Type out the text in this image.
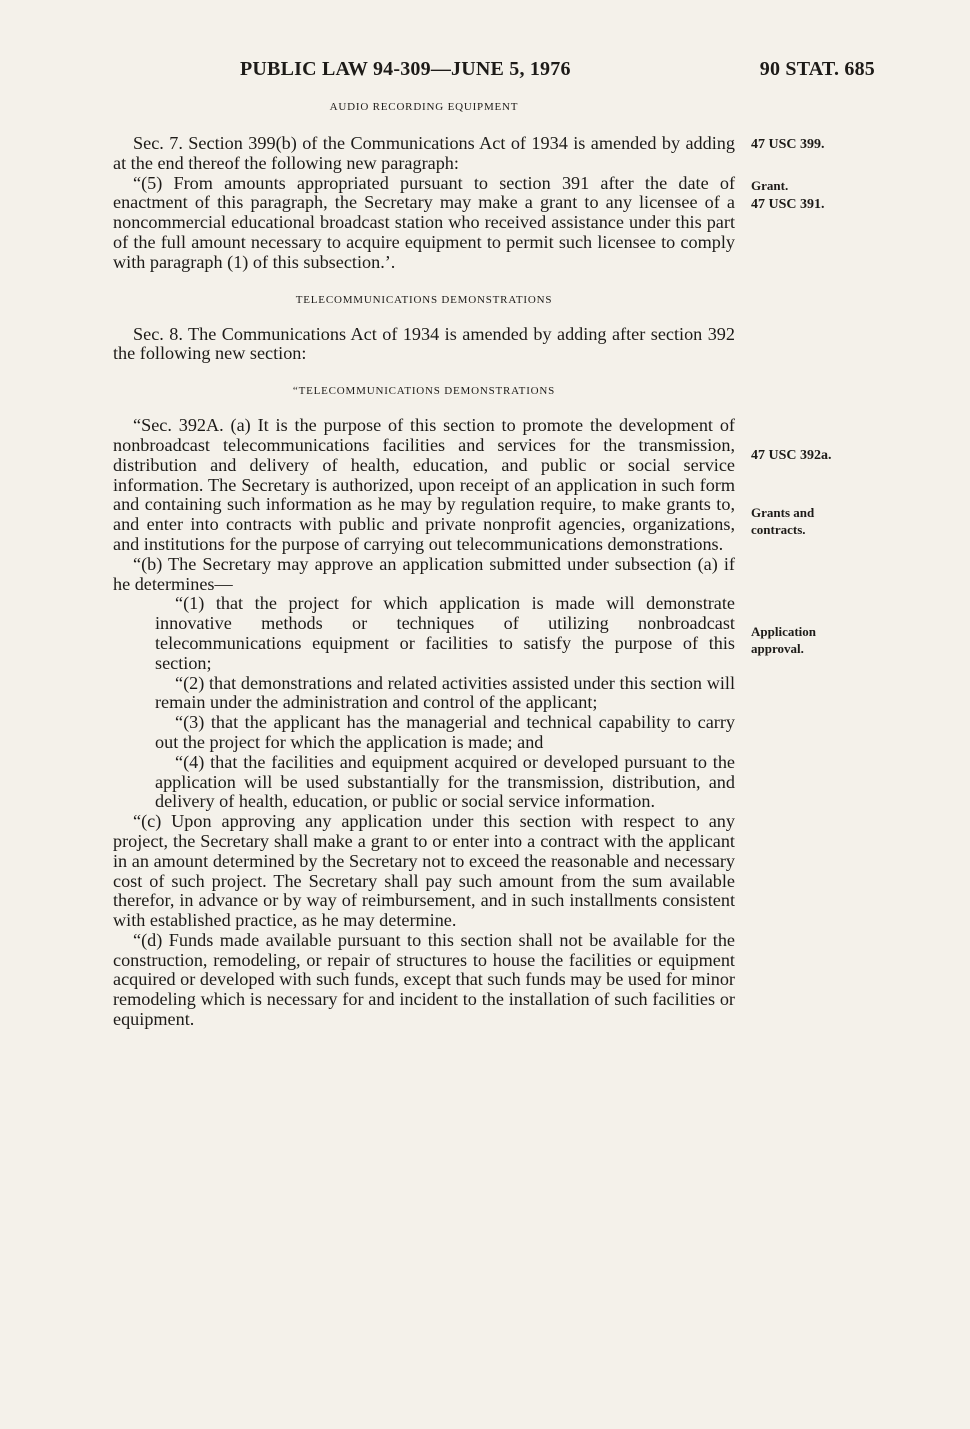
PUBLIC LAW 94-309—JUNE 5, 1976	90 STAT. 685

AUDIO RECORDING EQUIPMENT

Sec. 7. Section 399(b) of the Communications Act of 1934 is amended by adding at the end thereof the following new paragraph:

“(5) From amounts appropriated pursuant to section 391 after the date of enactment of this paragraph, the Secretary may make a grant to any licensee of a noncommercial educational broadcast station who received assistance under this part of the full amount necessary to acquire equipment to permit such licensee to comply with paragraph (1) of this subsection.’.

TELECOMMUNICATIONS DEMONSTRATIONS

Sec. 8. The Communications Act of 1934 is amended by adding after section 392 the following new section:

“TELECOMMUNICATIONS DEMONSTRATIONS

“Sec. 392A. (a) It is the purpose of this section to promote the development of nonbroadcast telecommunications facilities and services for the transmission, distribution and delivery of health, education, and public or social service information. The Secretary is authorized, upon receipt of an application in such form and containing such information as he may by regulation require, to make grants to, and enter into contracts with public and private nonprofit agencies, organizations, and institutions for the purpose of carrying out telecommunications demonstrations.

“(b) The Secretary may approve an application submitted under subsection (a) if he determines—

“(1) that the project for which application is made will demonstrate innovative methods or techniques of utilizing nonbroadcast telecommunications equipment or facilities to satisfy the purpose of this section;

“(2) that demonstrations and related activities assisted under this section will remain under the administration and control of the applicant;

“(3) that the applicant has the managerial and technical capability to carry out the project for which the application is made; and

“(4) that the facilities and equipment acquired or developed pursuant to the application will be used substantially for the transmission, distribution, and delivery of health, education, or public or social service information.

“(c) Upon approving any application under this section with respect to any project, the Secretary shall make a grant to or enter into a contract with the applicant in an amount determined by the Secretary not to exceed the reasonable and necessary cost of such project. The Secretary shall pay such amount from the sum available therefor, in advance or by way of reimbursement, and in such installments consistent with established practice, as he may determine.

“(d) Funds made available pursuant to this section shall not be available for the construction, remodeling, or repair of structures to house the facilities or equipment acquired or developed with such funds, except that such funds may be used for minor remodeling which is necessary for and incident to the installation of such facilities or equipment.

47 USC 399.
Grant.
47 USC 391.
47 USC 392a.
Grants and
contracts.
Application
approval.
